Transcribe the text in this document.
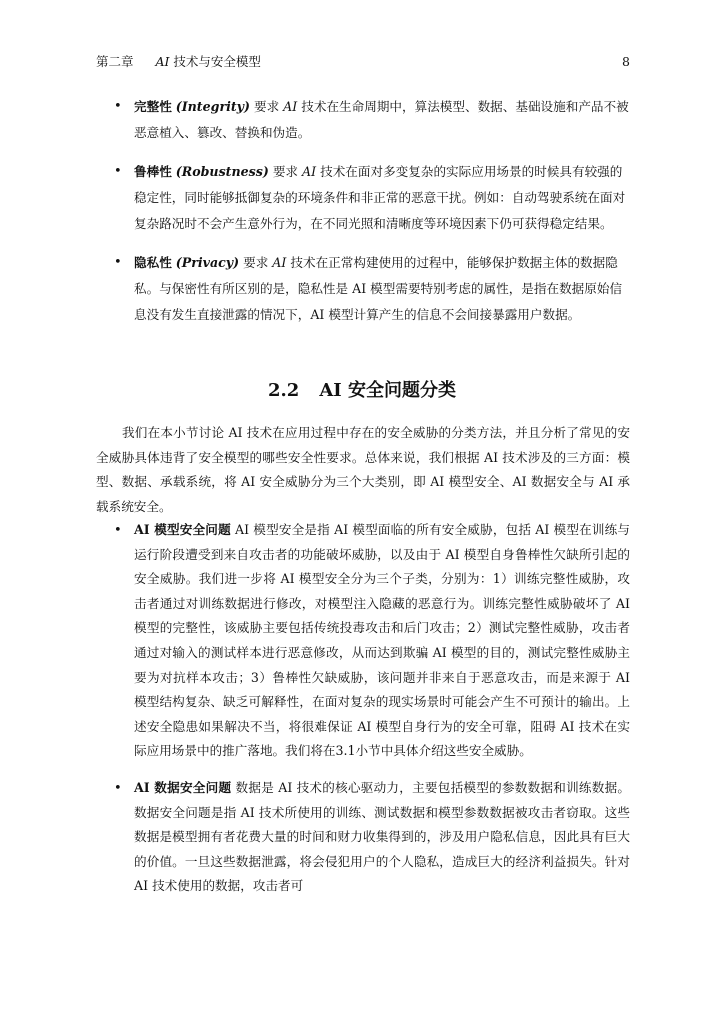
第二章 AI 技术与安全模型	8
• 完整性 (Integrity) 要求 AI 技术在生命周期中，算法模型、数据、基础设施和产品不被恶意植入、篡改、替换和伪造。
• 鲁棒性 (Robustness) 要求 AI 技术在面对多变复杂的实际应用场景的时候具有较强的稳定性，同时能够抵御复杂的环境条件和非正常的恶意干扰。例如：自动驾驶系统在面对复杂路况时不会产生意外行为，在不同光照和清晰度等环境因素下仍可获得稳定结果。
• 隐私性 (Privacy) 要求 AI 技术在正常构建使用的过程中，能够保护数据主体的数据隐私。与保密性有所区别的是，隐私性是 AI 模型需要特别考虑的属性，是指在数据原始信息没有发生直接泄露的情况下，AI 模型计算产生的信息不会间接暴露用户数据。
2.2 AI 安全问题分类
我们在本小节讨论 AI 技术在应用过程中存在的安全威胁的分类方法，并且分析了常见的安全威胁具体违背了安全模型的哪些安全性要求。总体来说，我们根据 AI 技术涉及的三方面：模型、数据、承载系统，将 AI 安全威胁分为三个大类别，即 AI 模型安全、AI 数据安全与 AI 承载系统安全。
• AI 模型安全问题 AI 模型安全是指 AI 模型面临的所有安全威胁，包括 AI 模型在训练与运行阶段遭受到来自攻击者的功能破坏威胁，以及由于 AI 模型自身鲁棒性欠缺所引起的安全威胁。我们进一步将 AI 模型安全分为三个子类，分别为：1）训练完整性威胁，攻击者通过对训练数据进行修改，对模型注入隐藏的恶意行为。训练完整性威胁破坏了 AI 模型的完整性，该威胁主要包括传统投毒攻击和后门攻击；2）测试完整性威胁，攻击者通过对输入的测试样本进行恶意修改，从而达到欺骗 AI 模型的目的，测试完整性威胁主要为对抗样本攻击；3）鲁棒性欠缺威胁，该问题并非来自于恶意攻击，而是来源于 AI 模型结构复杂、缺乏可解释性，在面对复杂的现实场景时可能会产生不可预计的输出。上述安全隐患如果解决不当，将很难保证 AI 模型自身行为的安全可靠，阻碍 AI 技术在实际应用场景中的推广落地。我们将在3.1小节中具体介绍这些安全威胁。
• AI 数据安全问题 数据是 AI 技术的核心驱动力，主要包括模型的参数数据和训练数据。数据安全问题是指 AI 技术所使用的训练、测试数据和模型参数数据被攻击者窃取。这些数据是模型拥有者花费大量的时间和财力收集得到的，涉及用户隐私信息，因此具有巨大的价值。一旦这些数据泄露，将会侵犯用户的个人隐私，造成巨大的经济利益损失。针对 AI 技术使用的数据，攻击者可
